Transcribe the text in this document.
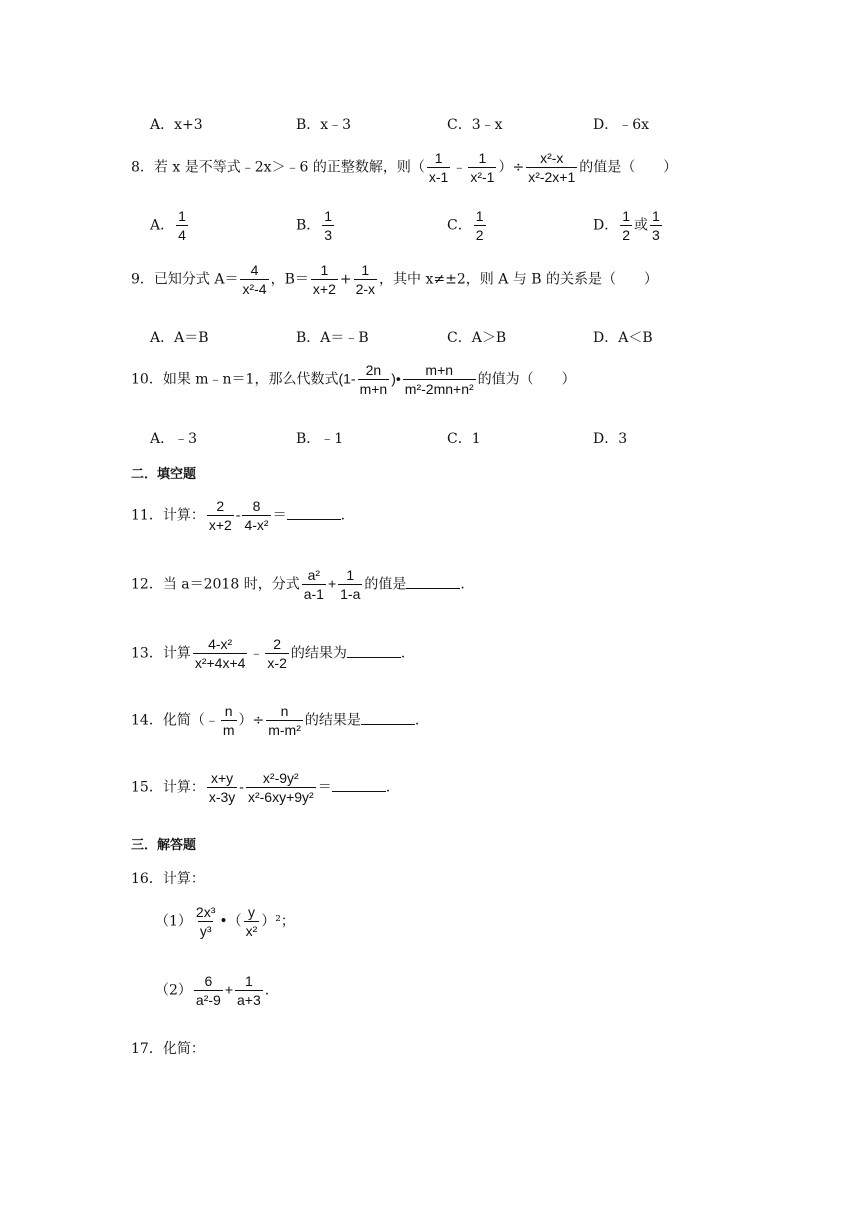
A．x+3	B．x﹣3	C．3﹣x	D．﹣6x
8．若 x 是不等式﹣2x＞﹣6 的正整数解，则（ $\frac{1}{x-1}$ ﹣ $\frac{1}{\text{x²-1}}$ ）÷ $\frac{\text{x²-x}}{\text{x²-2x+1}}$ 的值是（　　）
A． $\frac{1}{4}$	B． $\frac{1}{3}$	C． $\frac{1}{2}$	D． $\frac{1}{2}$ 或 $\frac{1}{3}$
9．已知分式 $A= \frac{4}{\text{x²-4}}$ ，$B= \frac{1}{x+2} + \frac{1}{2-x}$ ，其中 x≠±2，则 A 与 B 的关系是（　　）
A．A＝B	B．A＝﹣B	C．A＞B	D．A＜B
10．如果 m﹣n＝1，那么代数式($1- \frac{2n}{m+n}$ )• $\frac{m+n}{\text{m²-2mn+n²}}$ 的值为（　　）
A．﹣3	B．﹣1	C．1	D．3
二．填空题
11．计算： $\frac{2}{x+2} - \frac{8}{\text{4-x²}}$ ＝	.
12．当 a＝2018 时，分式 $\frac{\text{a²}}{a-1} + \frac{1}{1-a}$ 的值是	.
13．计算 $\frac{\text{4-x²}}{\text{x²+4x+4}}$ ﹣ $\frac{2}{x-2}$ 的结果为	.
14．化简（﹣ $\frac{n}{m}$ ）÷ $\frac{n}{\text{m-m²}}$ 的结果是	.
15．计算： $\frac{x+y}{x-3y} - \frac{\text{x²-9y²}}{\text{x²-6xy+9y²}}$ ＝	.
三．解答题
16．计算：
$(1) \frac{\text{2x³}}{\text{y³}}$ •（ $\frac{y}{\text{x²}} )^2$；
$(2) \frac{6}{\text{a²-9}} + \frac{1}{a+3}$ .
17．化简：
